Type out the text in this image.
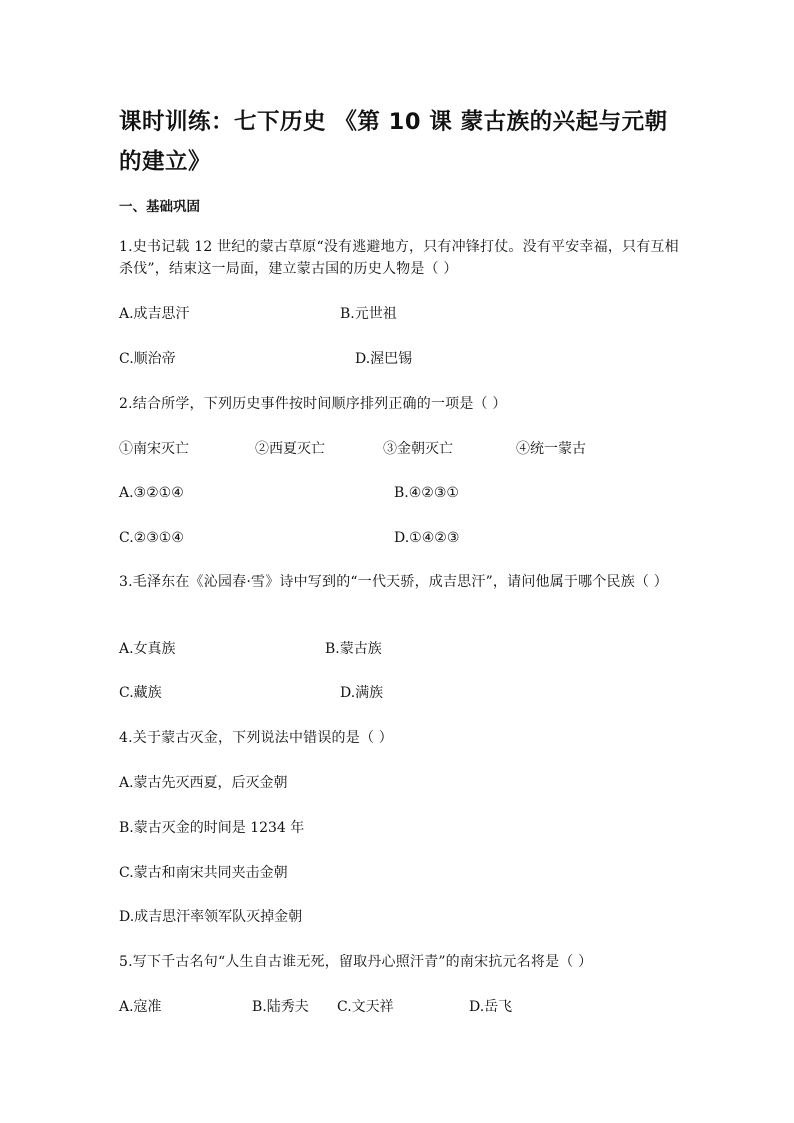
课时训练：七下历史 《第 10 课 蒙古族的兴起与元朝的建立》
一、基础巩固
1.史书记载 12 世纪的蒙古草原“没有逃避地方，只有冲锋打仗。没有平安幸福，只有互相杀伐”，结束这一局面，建立蒙古国的历史人物是（ ）
A.成吉思汗	B.元世祖
C.顺治帝	D.渥巴锡
2.结合所学，下列历史事件按时间顺序排列正确的一项是（ ）
①南宋灭亡	②西夏灭亡	③金朝灭亡	④统一蒙古
A.③②①④	B.④②③①
C.②③①④	D.①④②③
3.毛泽东在《沁园春·雪》诗中写到的“一代天骄，成吉思汗”，请问他属于哪个民族（ ）
A.女真族	B.蒙古族
C.藏族	D.满族
4.关于蒙古灭金，下列说法中错误的是（ ）
A.蒙古先灭西夏，后灭金朝
B.蒙古灭金的时间是 1234 年
C.蒙古和南宋共同夹击金朝
D.成吉思汗率领军队灭掉金朝
5.写下千古名句“人生自古谁无死，留取丹心照汗青”的南宋抗元名将是（ ）
A.寇准	B.陆秀夫 C.文天祥	D.岳飞
